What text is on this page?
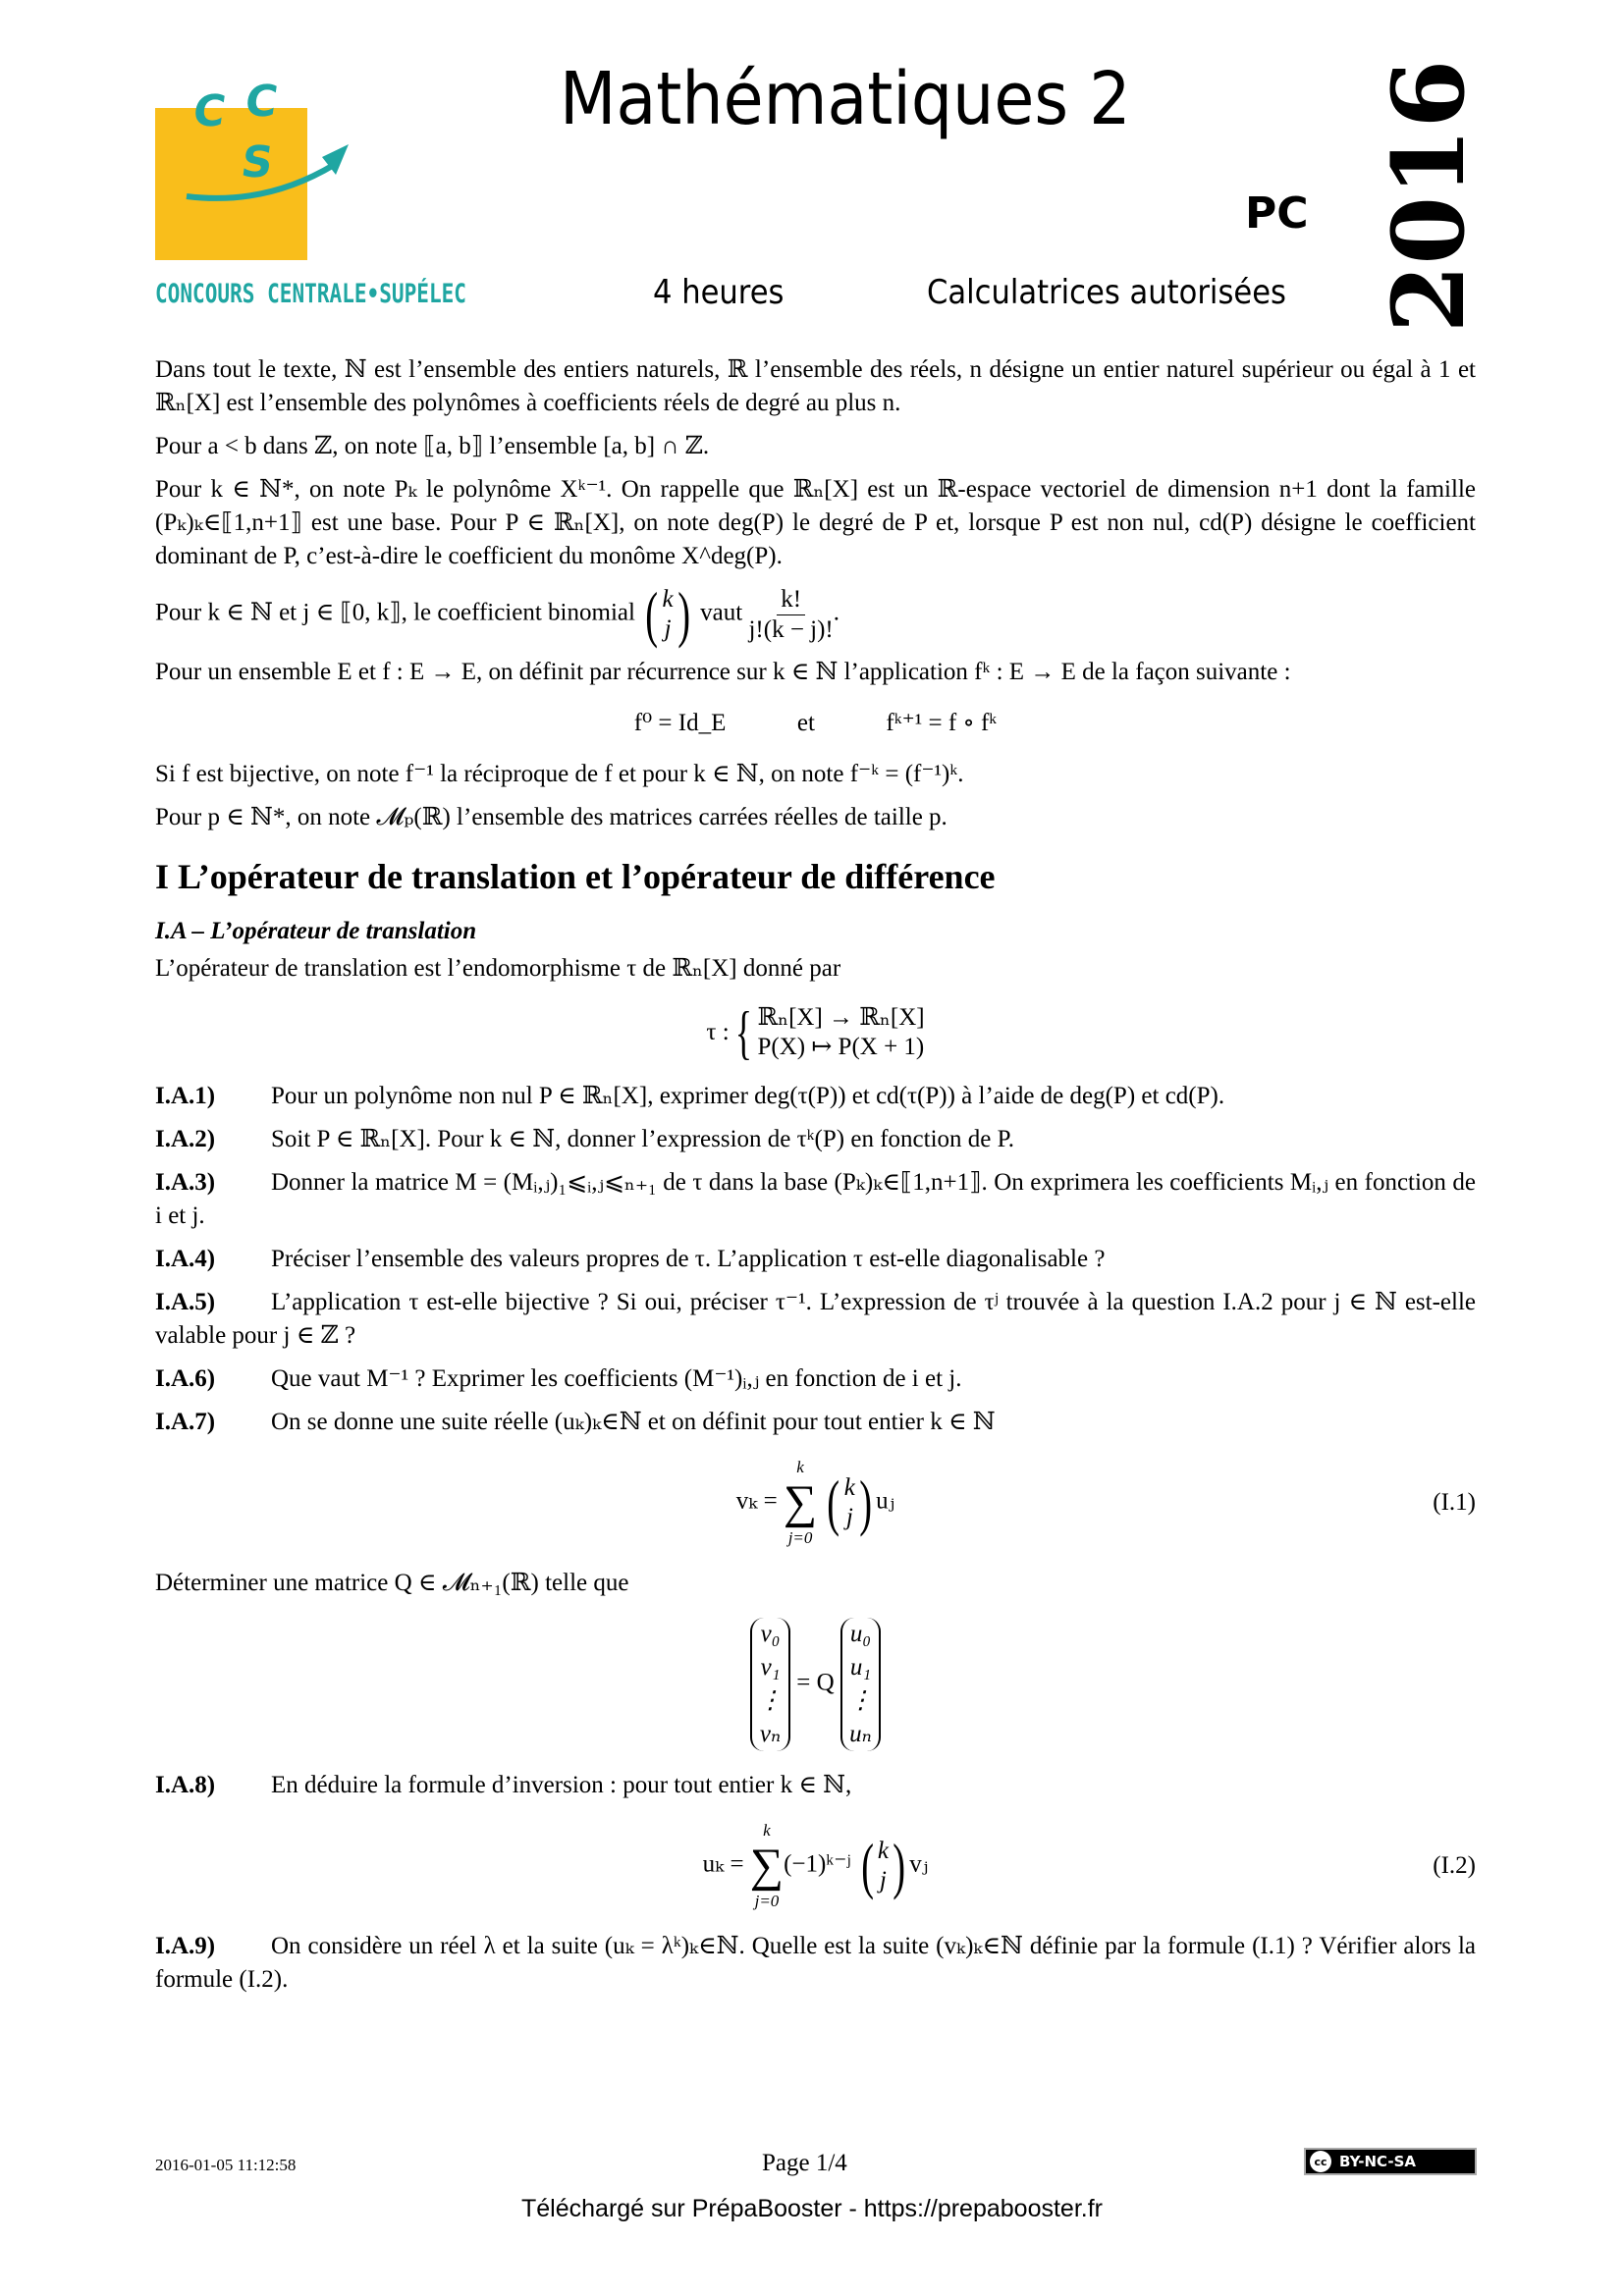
C C
S
CONCOURS CENTRALE•SUPÉLEC
Mathématiques 2
PC
4 heures	Calculatrices autorisées 2016

Dans tout le texte, ℕ est l’ensemble des entiers naturels, ℝ l’ensemble des réels, n désigne un entier naturel supérieur ou égal à 1 et ℝₙ[X] est l’ensemble des polynômes à coefficients réels de degré au plus n.

Pour a < b dans ℤ, on note ⟦a, b⟧ l’ensemble [a, b] ∩ ℤ.

Pour k ∈ ℕ*, on note Pₖ le polynôme Xᵏ⁻¹. On rappelle que ℝₙ[X] est un ℝ-espace vectoriel de dimension n+1 dont la famille (Pₖ)ₖ∈⟦1,n+1⟧ est une base. Pour P ∈ ℝₙ[X], on note deg(P) le degré de P et, lorsque P est non nul, cd(P) désigne le coefficient dominant de P, c’est-à-dire le coefficient du monôme X^deg(P).

Pour k ∈ ℕ et j ∈ ⟦0, k⟧, le coefficient binomial ( k
j ) vaut $\frac{k!}{j!(k - j)!}$ .

Pour un ensemble E et f : E → E, on définit par récurrence sur k ∈ ℕ l’application fᵏ : E → E de la façon suivante :

f⁰ = Id_E	et	fᵏ⁺¹ = f ∘ fᵏ

Si f est bijective, on note f⁻¹ la réciproque de f et pour k ∈ ℕ, on note f⁻ᵏ = (f⁻¹)ᵏ.

Pour p ∈ ℕ*, on note 𝓜ₚ(ℝ) l’ensemble des matrices carrées réelles de taille p.

I L’opérateur de translation et l’opérateur de différence
I.A – L’opérateur de translation

L’opérateur de translation est l’endomorphisme τ de ℝₙ[X] donné par

τ : { ℝₙ[X] → ℝₙ[X]
P(X) ↦ P(X + 1)

I.A.1) Pour un polynôme non nul P ∈ ℝₙ[X], exprimer deg(τ(P)) et cd(τ(P)) à l’aide de deg(P) et cd(P).

I.A.2) Soit P ∈ ℝₙ[X]. Pour k ∈ ℕ, donner l’expression de τᵏ(P) en fonction de P.

I.A.3) Donner la matrice M = (Mᵢ,ⱼ)₁⩽ᵢ,ⱼ⩽ₙ₊₁ de τ dans la base (Pₖ)ₖ∈⟦1,n+1⟧. On exprimera les coefficients Mᵢ,ⱼ en fonction de i et j.

I.A.4) Préciser l’ensemble des valeurs propres de τ. L’application τ est-elle diagonalisable ?

I.A.5) L’application τ est-elle bijective ? Si oui, préciser τ⁻¹. L’expression de τʲ trouvée à la question I.A.2 pour j ∈ ℕ est-elle valable pour j ∈ ℤ ?

I.A.6) Que vaut M⁻¹ ? Exprimer les coefficients (M⁻¹)ᵢ,ⱼ en fonction de i et j.

I.A.7) On se donne une suite réelle (uₖ)ₖ∈ℕ et on définit pour tout entier k ∈ ℕ

vₖ =
k
∑
j=0

( k
j ) uⱼ	(I.1)

Déterminer une matrice Q ∈ 𝓜ₙ₊₁(ℝ) telle que

v₀
v₁
⋮
vₙ
= Q
u₀
u₁
⋮
uₙ

I.A.8) En déduire la formule d’inversion : pour tout entier k ∈ ℕ,

uₖ =
k
∑
j=0
(−1)ᵏ⁻ʲ ( k
j ) vⱼ	(I.2)

I.A.9) On considère un réel λ et la suite (uₖ = λᵏ)ₖ∈ℕ. Quelle est la suite (vₖ)ₖ∈ℕ définie par la formule (I.1) ? Vérifier alors la formule (I.2).

2016-01-05 11:12:58	Page 1/4	cc BY-NC-SA
Téléchargé sur PrépaBooster - https://prepabooster.fr
